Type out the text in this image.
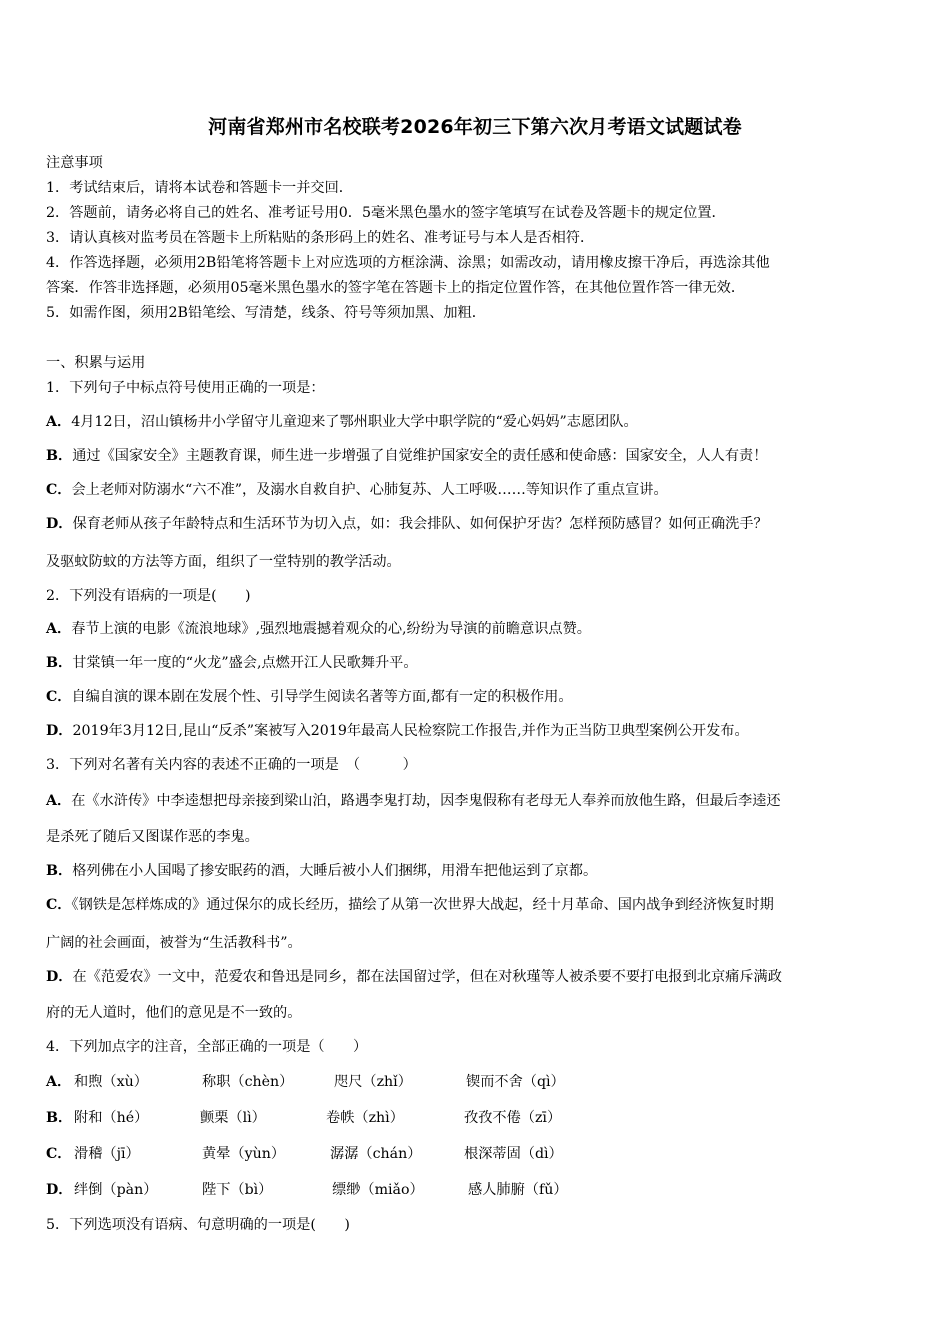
河南省郑州市名校联考2026年初三下第六次月考语文试题试卷
注意事项
1．考试结束后，请将本试卷和答题卡一并交回．
2．答题前，请务必将自己的姓名、准考证号用0．5毫米黑色墨水的签字笔填写在试卷及答题卡的规定位置．
3．请认真核对监考员在答题卡上所粘贴的条形码上的姓名、准考证号与本人是否相符．
4．作答选择题，必须用2B铅笔将答题卡上对应选项的方框涂满、涂黑；如需改动，请用橡皮擦干净后，再选涂其他
答案．作答非选择题，必须用05毫米黑色墨水的签字笔在答题卡上的指定位置作答，在其他位置作答一律无效．
5．如需作图，须用2B铅笔绘、写清楚，线条、符号等须加黑、加粗．
一、积累与运用
1．下列句子中标点符号使用正确的一项是：
A．4月12日，沼山镇杨井小学留守儿童迎来了鄂州职业大学中职学院的“爱心妈妈”志愿团队。
B．通过《国家安全》主题教育课，师生进一步增强了自觉维护国家安全的责任感和使命感：国家安全，人人有责！
C．会上老师对防溺水“六不准”，及溺水自救自护、心肺复苏、人工呼吸……等知识作了重点宣讲。
D．保育老师从孩子年龄特点和生活环节为切入点，如：我会排队、如何保护牙齿？怎样预防感冒？如何正确洗手？
及驱蚊防蚊的方法等方面，组织了一堂特别的教学活动。
2．下列没有语病的一项是(　　)
A．春节上演的电影《流浪地球》,强烈地震撼着观众的心,纷纷为导演的前瞻意识点赞。
B．甘棠镇一年一度的“火龙”盛会,点燃开江人民歌舞升平。
C．自编自演的课本剧在发展个性、引导学生阅读名著等方面,都有一定的积极作用。
D．2019年3月12日,昆山“反杀”案被写入2019年最高人民检察院工作报告,并作为正当防卫典型案例公开发布。
3．下列对名著有关内容的表述不正确的一项是　（　　　）
A．在《水浒传》中李逵想把母亲接到梁山泊，路遇李鬼打劫，因李鬼假称有老母无人奉养而放他生路，但最后李逵还
是杀死了随后又图谋作恶的李鬼。
B．格列佛在小人国喝了掺安眠药的酒，大睡后被小人们捆绑，用滑车把他运到了京都。
C．《钢铁是怎样炼成的》通过保尔的成长经历，描绘了从第一次世界大战起，经十月革命、国内战争到经济恢复时期
广阔的社会画面，被誉为“生活教科书”。
D．在《范爱农》一文中，范爱农和鲁迅是同乡，都在法国留过学，但在对秋瑾等人被杀要不要打电报到北京痛斥满政
府的无人道时，他们的意见是不一致的。
4．下列加点字的注音，全部正确的一项是（　　）
A． 和煦（xù）	称职（chèn）	咫尺（zhǐ）	锲而不舍（qì）
B． 附和（hé）	颤栗（lì）	卷帙（zhì）	孜孜不倦（zī）
C． 滑稽（jī）	黄晕（yùn）	潺潺（chán）	根深蒂固（dì）
D． 绊倒（pàn）	陛下（bì）	缥缈（miǎo）	感人肺腑（fǔ）
5．下列选项没有语病、句意明确的一项是(　　)
